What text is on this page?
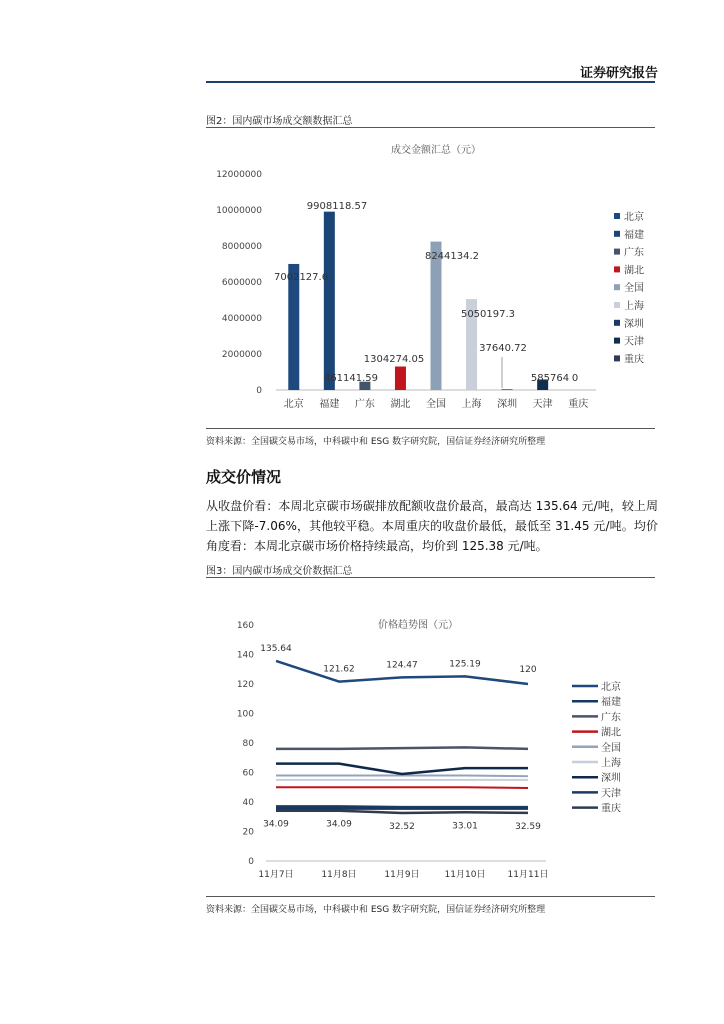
证券研究报告
图2：国内碳市场成交额数据汇总
成交金额汇总（元）
0
2000000
4000000
6000000
8000000
10000000
12000000
北京 福建 广东 湖北 全国 上海 深圳 天津 重庆
7002127.6
9908118.57
461141.59
1304274.05
8244134.2
5050197.3
37640.72
585764 0
北京
福建
广东
湖北
全国
上海
深圳
天津
重庆
资料来源：全国碳交易市场，中科碳中和 ESG 数字研究院，国信证券经济研究所整理
成交价情况
从收盘价看：本周北京碳市场碳排放配额收盘价最高，最高达 135.64 元/吨，较上周上涨下降-7.06%，其他较平稳。本周重庆的收盘价最低，最低至 31.45 元/吨。均价角度看：本周北京碳市场价格持续最高，均价到 125.38 元/吨。
图3：国内碳市场成交价数据汇总
价格趋势图（元）
0
20
40
60
80
100
120
140
160
11月7日	11月8日	11月9日	11月10日 11月11日
135.64
121.62	124.47	125.19
120
34.09	34.09	32.52	33.01	32.59
北京
福建
广东
湖北
全国
上海
深圳
天津
重庆
资料来源：全国碳交易市场，中科碳中和 ESG 数字研究院，国信证券经济研究所整理
